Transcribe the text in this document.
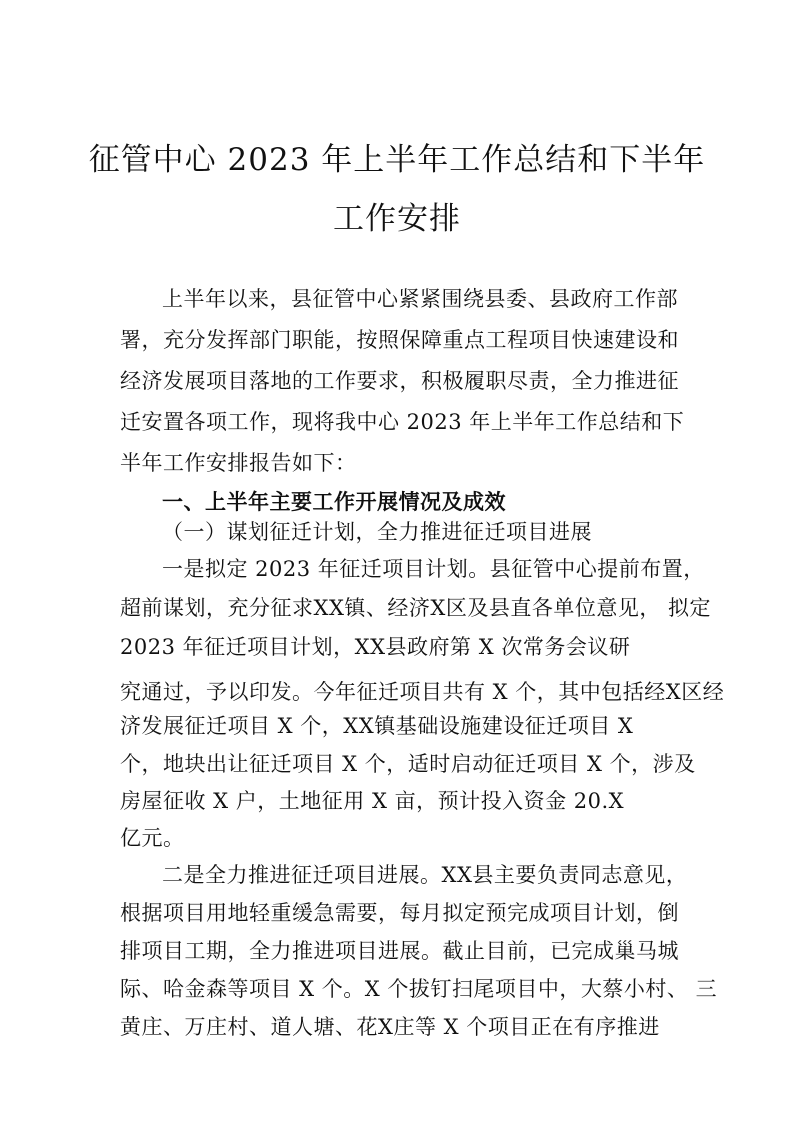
征管中心 2023 年上半年工作总结和下半年
工作安排
上半年以来，县征管中心紧紧围绕县委、县政府工作部
署，充分发挥部门职能，按照保障重点工程项目快速建设和
经济发展项目落地的工作要求，积极履职尽责，全力推进征
迁安置各项工作，现将我中心 2023 年上半年工作总结和下
半年工作安排报告如下：
一、上半年主要工作开展情况及成效
（一）谋划征迁计划，全力推进征迁项目进展
一是拟定 2023 年征迁项目计划。县征管中心提前布置，
超前谋划，充分征求XX镇、经济X区及县直各单位意见， 拟定
2023 年征迁项目计划，XX县政府第 X 次常务会议研
究通过，予以印发。今年征迁项目共有 X 个，其中包括经X区经
济发展征迁项目 X 个，XX镇基础设施建设征迁项目 X
个，地块出让征迁项目 X 个，适时启动征迁项目 X 个，涉及
房屋征收 X 户，土地征用 X 亩，预计投入资金 20.X
亿元。
二是全力推进征迁项目进展。XX县主要负责同志意见，
根据项目用地轻重缓急需要，每月拟定预完成项目计划，倒
排项目工期，全力推进项目进展。截止目前，已完成巢马城
际、哈金森等项目 X 个。X 个拔钉扫尾项目中，大蔡小村、 三
黄庄、万庄村、道人塘、花X庄等 X 个项目正在有序推进
